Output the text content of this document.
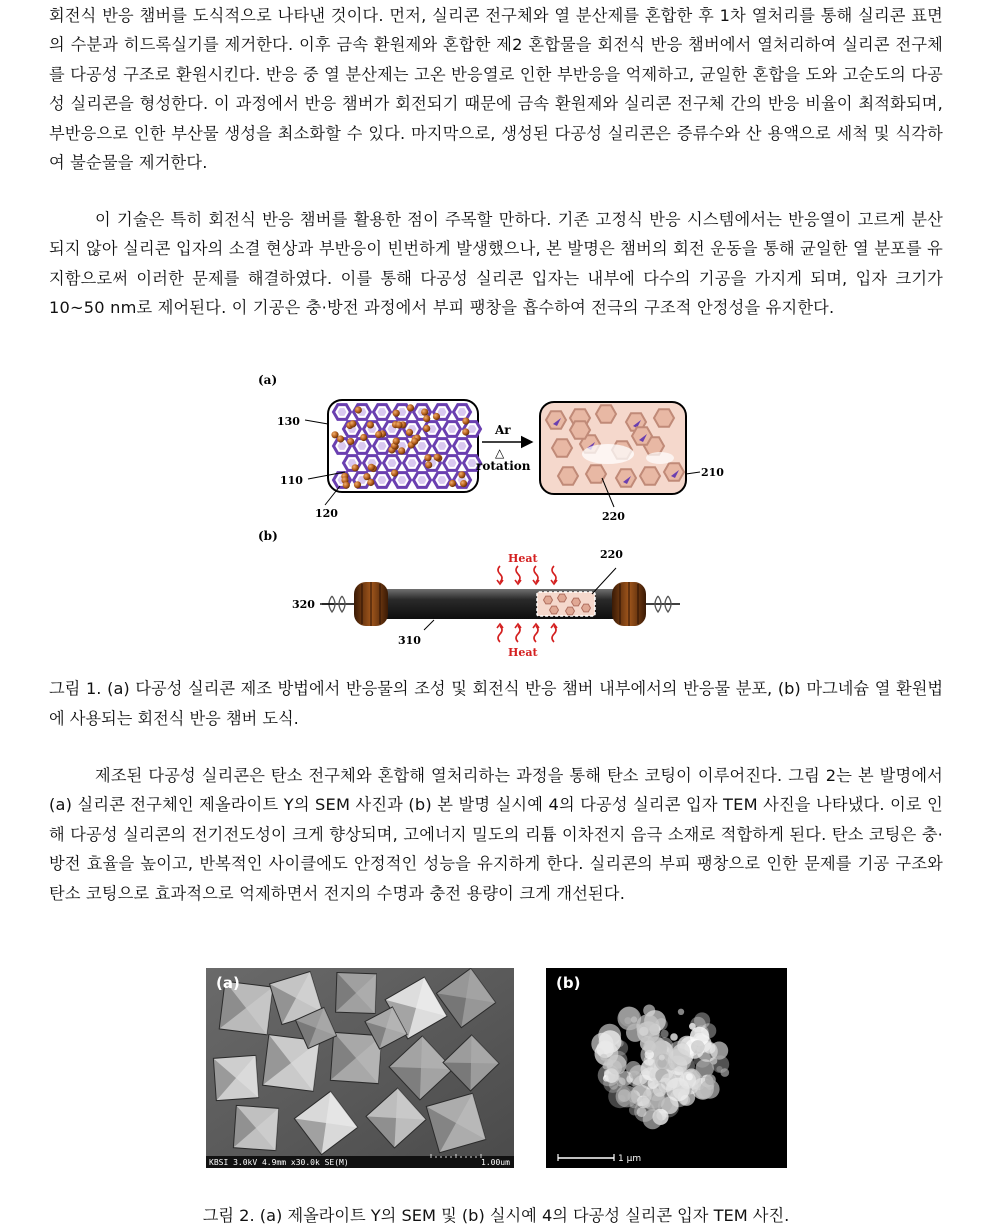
회전식 반응 챔버를 도식적으로 나타낸 것이다. 먼저, 실리콘 전구체와 열 분산제를 혼합한 후 1차 열처리를 통해 실리콘 표면의 수분과 히드록실기를 제거한다. 이후 금속 환원제와 혼합한 제2 혼합물을 회전식 반응 챔버에서 열처리하여 실리콘 전구체를 다공성 구조로 환원시킨다. 반응 중 열 분산제는 고온 반응열로 인한 부반응을 억제하고, 균일한 혼합을 도와 고순도의 다공성 실리콘을 형성한다. 이 과정에서 반응 챔버가 회전되기 때문에 금속 환원제와 실리콘 전구체 간의 반응 비율이 최적화되며, 부반응으로 인한 부산물 생성을 최소화할 수 있다. 마지막으로, 생성된 다공성 실리콘은 증류수와 산 용액으로 세척 및 식각하여 불순물을 제거한다.
이 기술은 특히 회전식 반응 챔버를 활용한 점이 주목할 만하다. 기존 고정식 반응 시스템에서는 반응열이 고르게 분산되지 않아 실리콘 입자의 소결 현상과 부반응이 빈번하게 발생했으나, 본 발명은 챔버의 회전 운동을 통해 균일한 열 분포를 유지함으로써 이러한 문제를 해결하였다. 이를 통해 다공성 실리콘 입자는 내부에 다수의 기공을 가지게 되며, 입자 크기가 10~50 nm로 제어된다. 이 기공은 충·방전 과정에서 부피 팽창을 흡수하여 전극의 구조적 안정성을 유지한다.
(a)
Ar
△
rotation
130
110
120	220
210
(b)
Heat
Heat
320
310
220
그림 1. (a) 다공성 실리콘 제조 방법에서 반응물의 조성 및 회전식 반응 챔버 내부에서의 반응물 분포, (b) 마그네슘 열 환원법에 사용되는 회전식 반응 챔버 도식.
제조된 다공성 실리콘은 탄소 전구체와 혼합해 열처리하는 과정을 통해 탄소 코팅이 이루어진다. 그림 2는 본 발명에서 (a) 실리콘 전구체인 제올라이트 Y의 SEM 사진과 (b) 본 발명 실시예 4의 다공성 실리콘 입자 TEM 사진을 나타냈다. 이로 인해 다공성 실리콘의 전기전도성이 크게 향상되며, 고에너지 밀도의 리튬 이차전지 음극 소재로 적합하게 된다. 탄소 코팅은 충·방전 효율을 높이고, 반복적인 사이클에도 안정적인 성능을 유지하게 한다. 실리콘의 부피 팽창으로 인한 문제를 기공 구조와 탄소 코팅으로 효과적으로 억제하면서 전지의 수명과 충전 용량이 크게 개선된다.
KBSI 3.0kV 4.9mm x30.0k SE(M)	1.00um
(a)
1 μm
(b)
그림 2. (a) 제올라이트 Y의 SEM 및 (b) 실시예 4의 다공성 실리콘 입자 TEM 사진.
